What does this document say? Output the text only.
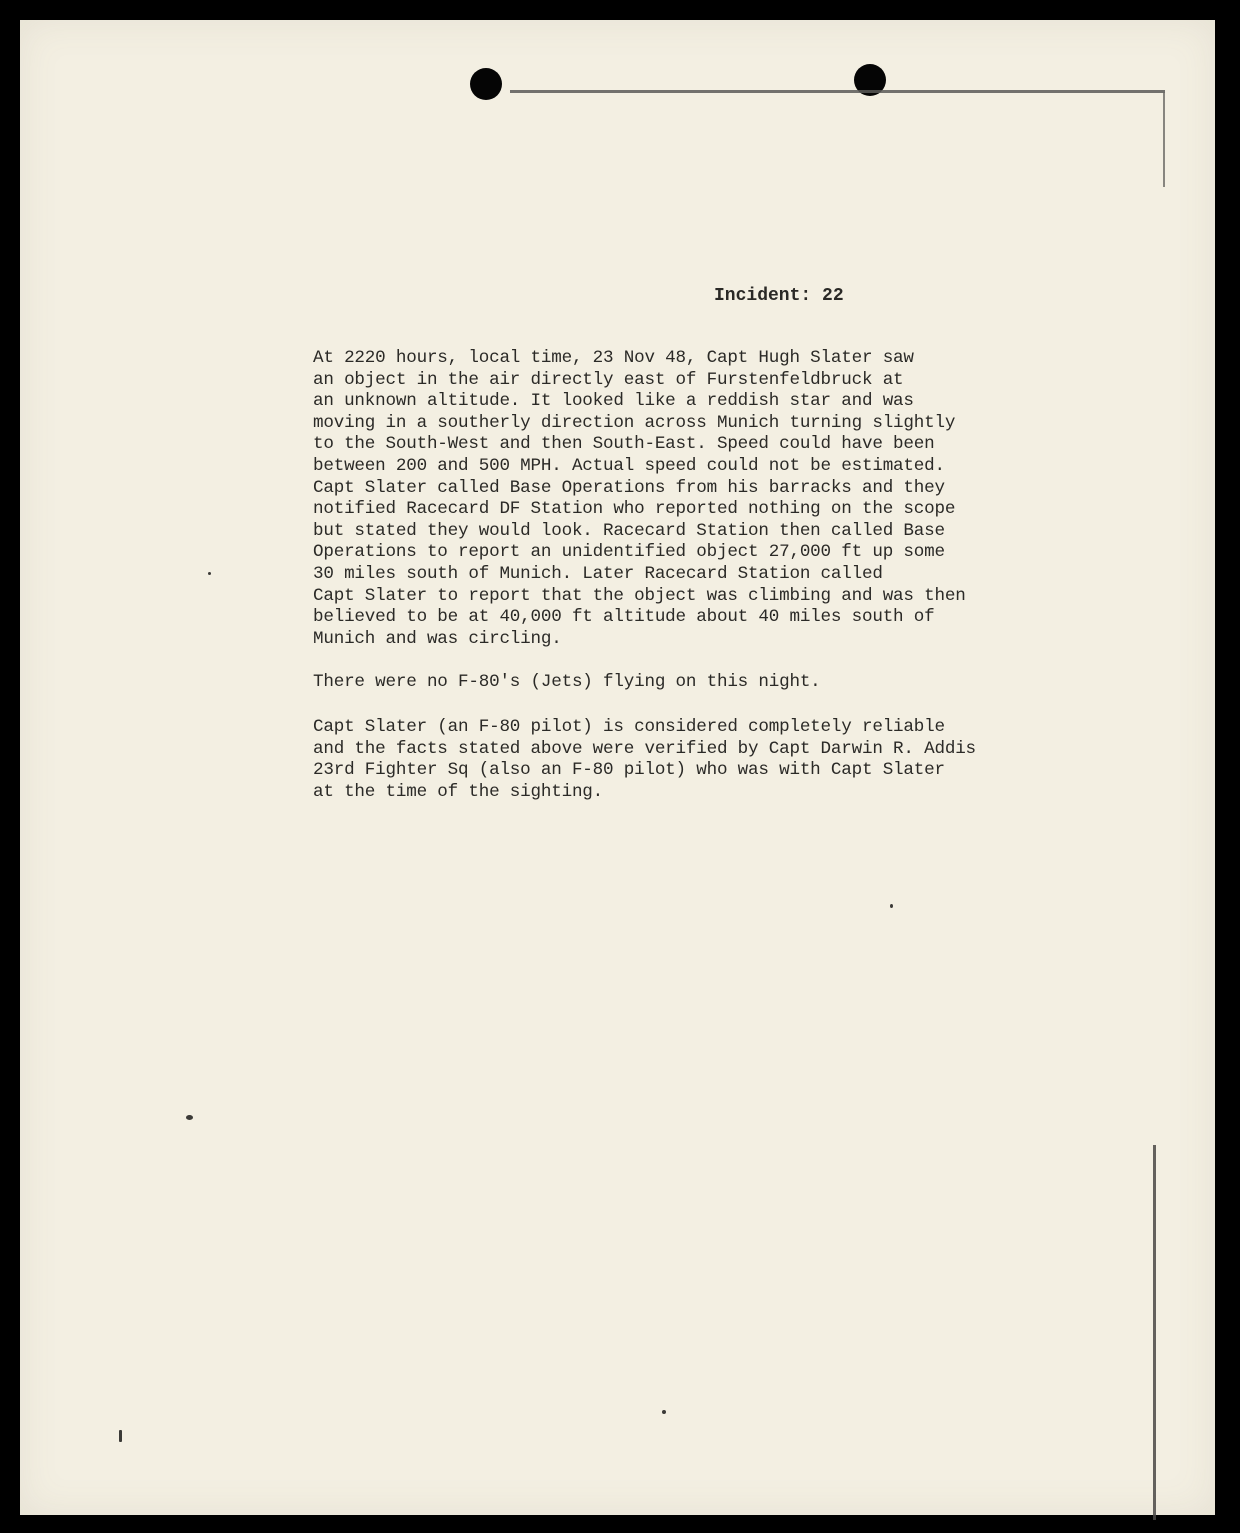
Incident: 22

At 2220 hours, local time, 23 Nov 48, Capt Hugh Slater saw
an object in the air directly east of Furstenfeldbruck at
an unknown altitude. It looked like a reddish star and was
moving in a southerly direction across Munich turning slightly
to the South-West and then South-East. Speed could have been
between 200 and 500 MPH. Actual speed could not be estimated.
Capt Slater called Base Operations from his barracks and they
notified Racecard DF Station who reported nothing on the scope
but stated they would look. Racecard Station then called Base
Operations to report an unidentified object 27,000 ft up some
30 miles south of Munich. Later Racecard Station called
Capt Slater to report that the object was climbing and was then
believed to be at 40,000 ft altitude about 40 miles south of
Munich and was circling.

There were no F-80's (Jets) flying on this night.

Capt Slater (an F-80 pilot) is considered completely reliable
and the facts stated above were verified by Capt Darwin R. Addis
23rd Fighter Sq (also an F-80 pilot) who was with Capt Slater
at the time of the sighting.
